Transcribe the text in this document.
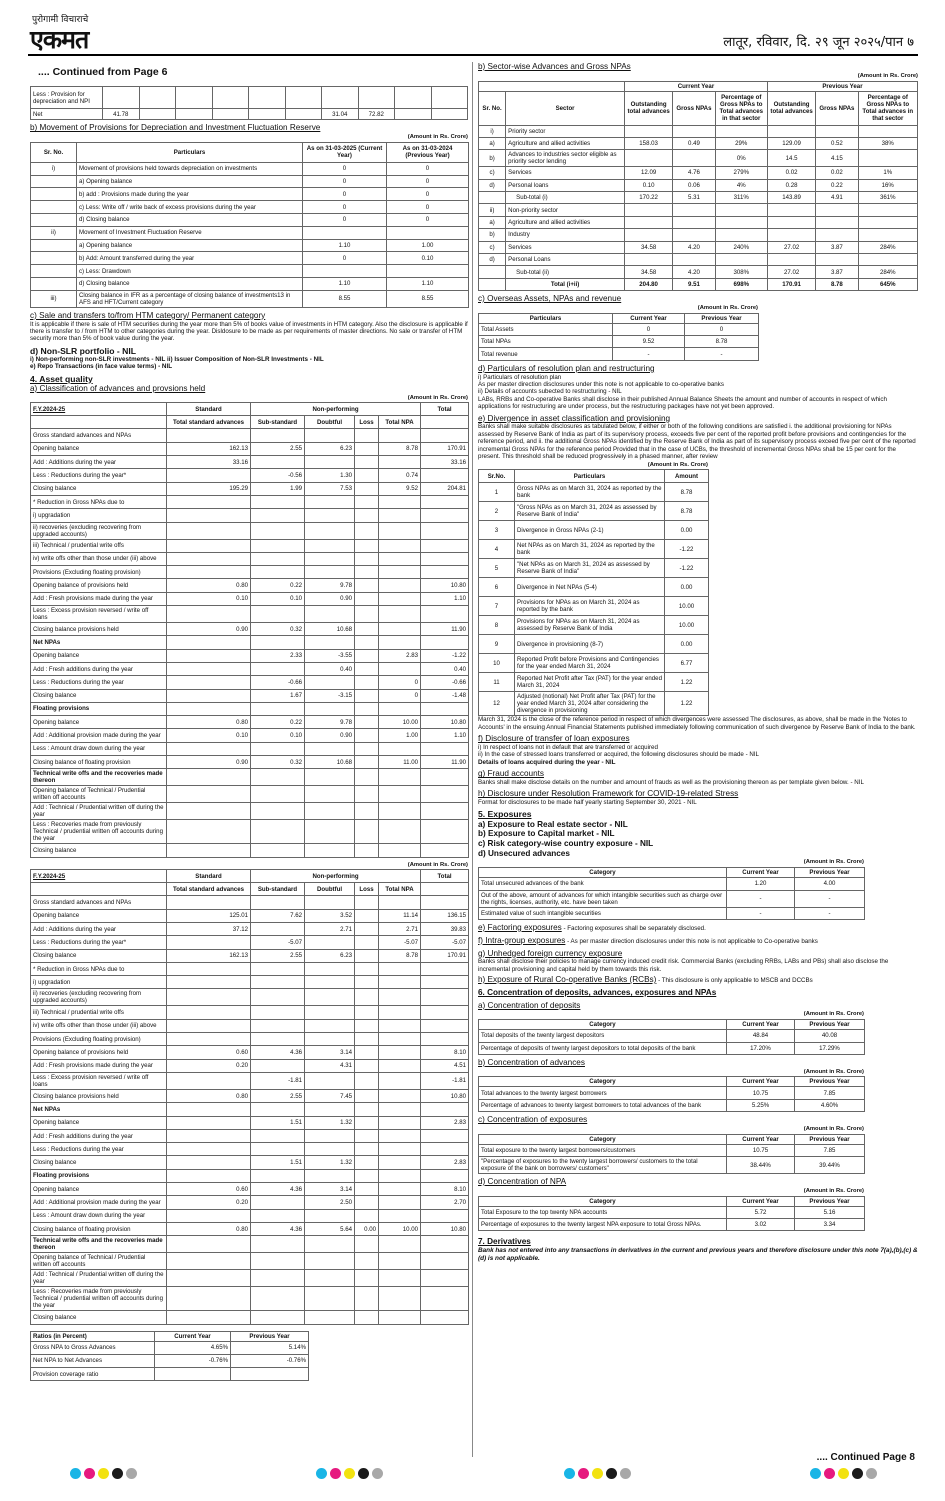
पुरोगामी विचाराचे
एकमत	लातूर, रविवार, दि. २९ जून २०२५/पान ७
.... Continued from Page 6
Less : Provision for depreciation and NPI										
Net	41.78						31.04	72.82		
b) Movement of Provisions for Depreciation and Investment Fluctuation Reserve
(Amount in Rs. Crore)
Sr. No.	Particulars	As on 31-03-2025 (Current Year)	As on 31-03-2024 (Previous Year)
i)	Movement of provisions held towards depreciation on investments	0	0
	a) Opening balance	0	0
	b) add : Provisions made during the year	0	0
	c) Less: Write off / write back of excess provisions during the year	0	0
	d) Closing balance	0	0
ii)	Movement of Investment Fluctuation Reserve		
	a) Opening balance	1.10	1.00
	b) Add: Amount transferred during the year	0	0.10
	c) Less: Drawdown		
	d) Closing balance	1.10	1.10
iii)	Closing balance in IFR as a percentage of closing balance of investments13 in AFS and HFT/Current category	8.55	8.55
c) Sale and transfers to/from HTM category/ Permanent category
It is applicable if there is sale of HTM securities during the year more than 5% of books value of investments in HTM category. Also the disclosure is applicable if there is transfer to / from HTM to other categories during the year. Disldosure to be made as per requirements of master directions. No sale or transfer of HTM security more than 5% of book value during the year.
d) Non-SLR portfolio - NIL
i) Non-performing non-SLR investments - NIL ii) Issuer Composition of Non-SLR Investments - NIL
e) Repo Transactions (in face value terms) - NIL
4. Asset quality
a) Classification of advances and provsions held
(Amount in Rs. Crore)
F.Y.2024-25	Standard	Non-performing				Total
	Total standard advances	Sub-standard	Doubtful	Loss	Total NPA	
Gross standard advances and NPAs						
Opening balance	162.13	2.55	6.23		8.78	170.91
Add : Additions during the year	33.16					33.16
Less : Reductions during the year*		-0.56	1.30		0.74	
Closing balance	195.29	1.99	7.53		9.52	204.81
* Reduction in Gross NPAs due to						
i) upgradation						
ii) recoveries (excluding recovering from upgraded accounts)						
iii) Technical / prudential write offs						
iv) write offs other than those under (iii) above						
Provisions (Excluding floating provision)						
Opening balance of provisions held	0.80	0.22	9.78			10.80
Add : Fresh provisions made during the year	0.10	0.10	0.90			1.10
Less : Excess provision reversed / write off loans						
Closing balance provisions held	0.90	0.32	10.68			11.90
Net NPAs						
Opening balance		2.33	-3.55		2.83	-1.22
Add : Fresh additions during the year			0.40			0.40
Less : Reductions during the year		-0.66			0	-0.66
Closing balance		1.67	-3.15		0	-1.48
Floating provisions						
Opening balance	0.80	0.22	9.78		10.00	10.80
Add : Additional provision made during the year	0.10	0.10	0.90		1.00	1.10
Less : Amount draw down during the year						
Closing balance of floating provision	0.90	0.32	10.68		11.00	11.90
Technical write offs and the recoveries made thereon						
Opening balance of Technical / Prudential written off accounts						
Add : Technical / Prudential written off during the year						
Less : Recoveries made from previously Technical / prudential written off accounts during the year						
Closing balance						
(Amount in Rs. Crore)
F.Y.2024-25	Standard	Non-performing				Total
	Total standard advances	Sub-standard	Doubtful	Loss	Total NPA	
Gross standard advances and NPAs						
Opening balance	125.01	7.62	3.52		11.14	136.15
Add : Additions during the year	37.12		2.71		2.71	39.83
Less : Reductions during the year*		-5.07			-5.07	-5.07
Closing balance	162.13	2.55	6.23		8.78	170.91
* Reduction in Gross NPAs due to						
i) upgradation						
ii) recoveries (excluding recovering from upgraded accounts)						
iii) Technical / prudential write offs						
iv) write offs other than those under (iii) above						
Provisions (Excluding floating provision)						
Opening balance of provisions held	0.60	4.36	3.14			8.10
Add : Fresh provisions made during the year	0.20		4.31			4.51
Less : Excess provision reversed / write off loans		-1.81				-1.81
Closing balance provisions held	0.80	2.55	7.45			10.80
Net NPAs						
Opening balance		1.51	1.32			2.83
Add : Fresh additions during the year						
Less : Reductions during the year						
Closing balance		1.51	1.32			2.83
Floating provisions						
Opening balance	0.60	4.36	3.14			8.10
Add : Additional provision made during the year	0.20		2.50			2.70
Less : Amount draw down during the year						
Closing balance of floating provision	0.80	4.36	5.64	0.00	10.00	10.80
Technical write offs and the recoveries made thereon						
Opening balance of Technical / Prudential written off accounts						
Add : Technical / Prudential written off during the year						
Less : Recoveries made from previously Technical / prudential written off accounts during the year						
Closing balance						
Ratios (in Percent)	Current Year	Previous Year
Gross NPA to Gross Advances	4.65%	5.14%
Net NPA to Net Advances	-0.76%	-0.76%
Provision coverage ratio		
b) Sector-wise Advances and Gross NPAs
(Amount in Rs. Crore)
		Current Year			Previous Year		
Sr. No.	Sector	Outstanding total advances	Gross NPAs	Percentage of Gross NPAs to Total advances in that sector	Outstanding total advances	Gross NPAs	Percentage of Gross NPAs to Total advances in that sector
i)	Priority sector						
a)	Agriculture and allied activities	158.03	0.49	29%	129.09	0.52	38%
b)	Advances to industries sector eligible as priority sector lending			0%	14.5	4.15	
c)	Services	12.09	4.76	279%	0.02	0.02	1%
d)	Personal loans	0.10	0.06	4%	0.28	0.22	16%
	Sub-total (i)	170.22	5.31	311%	143.89	4.91	361%
ii)	Non-priority sector						
a)	Agriculture and allied activities						
b)	Industry						
c)	Services	34.58	4.20	240%	27.02	3.87	284%
d)	Personal Loans						
	Sub-total (ii)	34.58	4.20	308%	27.02	3.87	284%
	Total (i+ii)	204.80	9.51	698%	170.91	8.78	645%
c) Overseas Assets, NPAs and revenue
(Amount in Rs. Crore)
Particulars	Current Year	Previous Year
Total Assets	0	0
Total NPAs	9.52	8.78
Total revenue	-	-
d) Particulars of resolution plan and restructuring
i) Particulars of resolution plan
As per master direction disclosures under this note is not applicable to co-operative banks
ii) Details of accounts subected to restructuring - NIL
LABs, RRBs and Co-operative Banks shall disclose in their published Annual Balance Sheets the amount and number of accounts in respect of which applications for restructuring are under process, but the restructuring packages have not yet been approved.
e) Divergence in asset classification and provisioning
Banks shall make suitable disclosures as tabulated below, if either or both of the following conditions are satisfied i. the additional provisioning for NPAs assessed by Reserve Bank of India as part of its supervisory process, exceeds five per cent of the reported profit before provisions and contingencies for the reference period, and ii. the additional Gross NPAs identified by the Reserve Bank of India as part of its supervisory process exceed five per cent of the reported incremental Gross NPAs for the reference period Provided that in the case of UCBs, the threshold of incremental Gross NPAs shall be 15 per cent for the present. This threshold shall be reduced progressively in a phased manner, after review
(Amount in Rs. Crore)
Sr.No.	Particulars	Amount
1	Gross NPAs as on March 31, 2024 as reported by the bank	8.78
2	"Gross NPAs as on March 31, 2024 as assessed by Reserve Bank of India"	8.78
3	Divergence in Gross NPAs (2-1)	0.00
4	Net NPAs as on March 31, 2024 as reported by the bank	-1.22
5	"Net NPAs as on March 31, 2024 as assessed by Reserve Bank of India"	-1.22
6	Divergence in Net NPAs (5-4)	0.00
7	Provisions for NPAs as on March 31, 2024 as reported by the bank	10.00
8	Provisions for NPAs as on March 31, 2024 as assessed by Reserve Bank of India	10.00
9	Divergence in provisioning (8-7)	0.00
10	Reported Profit before Provisions and Contingencies for the year ended March 31, 2024	6.77
11	Reported Net Profit after Tax (PAT) for the year ended March 31, 2024	1.22
12	Adjusted (notional) Net Profit after Tax (PAT) for the year ended March 31, 2024 after considering the divergence in provisioning	1.22
March 31, 2024 is the close of the reference period in respect of which divergences were assessed The disclosures, as above, shall be made in the 'Notes to Accounts' in the ensuing Annual Financial Statements published immediately following communication of such divergence by Reserve Bank of India to the bank.
f) Disclosure of transfer of loan exposures
i) In respect of loans not in default that are transferred or acquired
ii) In the case of stressed loans transferred or acquired, the following disclosures should be made - NIL
Details of loans acquired during the year - NIL
g) Fraud accounts
Banks shall make disclose details on the number and amount of frauds as well as the provisioning thereon as per template given below. - NIL
h) Disclosure under Resolution Framework for COVID-19-related Stress
Format for disclosures to be made half yearly starting September 30, 2021 - NIL
5. Exposures
a) Exposure to Real estate sector - NIL
b) Exposure to Capital market - NIL
c) Risk category-wise country exposure - NIL
d) Unsecured advances
(Amount in Rs. Crore)
Category	Current Year	Previous Year
Total unsecured advances of the bank	1.20	4.00
Out of the above, amount of advances for which intangible securities such as charge over the rights, licenses, authority, etc. have been taken	-	-
Estimated value of such intangible securities	-	-
e) Factoring exposures - Factoring exposures shall be separately disclosed.
f) Intra-group exposures - As per master direction disclosures under this note is not applicable to Co-operative banks
g) Unhedged foreign currency exposure
Banks shall disclose their policies to manage currency induced credit risk. Commercial Banks (excluding RRBs, LABs and PBs) shall also disclose the incremental provisioning and capital held by them towards this risk.
h) Exposure of Rural Co-operative Banks (RCBs) - This disclosure is only applicable to MSCB and DCCBs
6. Concentration of deposits, advances, exposures and NPAs
a) Concentration of deposits
(Amount in Rs. Crore)
Category	Current Year	Previous Year
Total deposits of the twenty largest depositors	48.84	40.08
Percentage of deposits of twenty largest depositors to total deposits of the bank	17.20%	17.29%
b) Concentration of advances
(Amount in Rs. Crore)
Category	Current Year	Previous Year
Total advances to the twenty largest borrowers	10.75	7.85
Percentage of advances to twenty largest borrowers to total advances of the bank	5.25%	4.60%
c) Concentration of exposures
(Amount in Rs. Crore)
Category	Current Year	Previous Year
Total exposure to the twenty largest borrowers/customers	10.75	7.85
"Percentage of exposures to the twenty largest borrowers/ customers to the total exposure of the bank on borrowers/ customers"	38.44%	39.44%
d) Concentration of NPA
(Amount in Rs. Crore)
Category	Current Year	Previous Year
Total Exposure to the top twenty NPA accounts	5.72	5.16
Percentage of exposures to the twenty largest NPA exposure to total Gross NPAs.	3.02	3.34
7. Derivatives
Bank has not entered into any transactions in derivatives in the current and previous years and therefore disclosure under this note 7(a),(b),(c) & (d) is not applicable.
.... Continued Page 8
